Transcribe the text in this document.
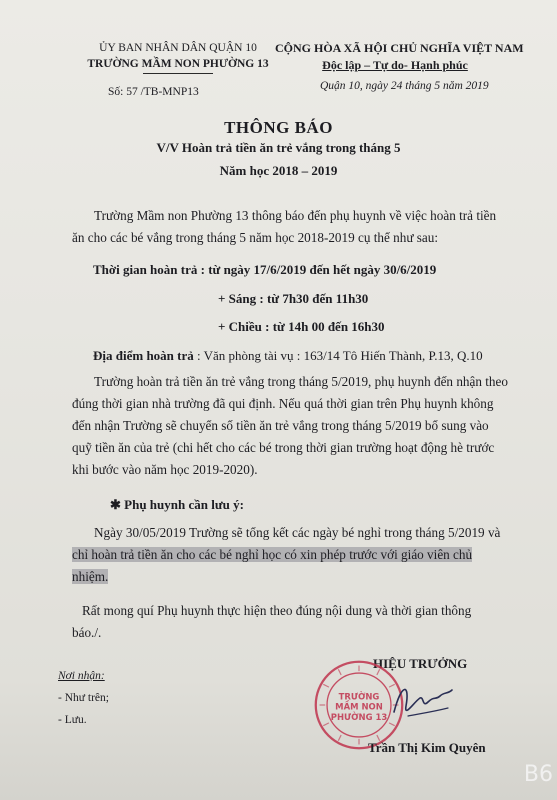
ỦY BAN NHÂN DÂN QUẬN 10
TRƯỜNG MẦM NON PHƯỜNG 13
Số: 57 /TB-MNP13
CỘNG HÒA XÃ HỘI CHỦ NGHĨA VIỆT NAM
Độc lập – Tự do- Hạnh phúc
Quận 10, ngày 24 tháng 5 năm 2019
THÔNG BÁO
V/V Hoàn trả tiền ăn trẻ vắng trong tháng 5
Năm học 2018 – 2019
Trường Mầm non Phường 13 thông báo đến phụ huynh về việc hoàn trả tiền
ăn cho các bé vắng trong tháng 5 năm học 2018-2019 cụ thể như sau:
Thời gian hoàn trả : từ ngày 17/6/2019 đến hết ngày 30/6/2019
+ Sáng : từ 7h30 đến 11h30
+ Chiều : từ 14h 00 đến 16h30
Địa điểm hoàn trả : Văn phòng tài vụ : 163/14 Tô Hiến Thành, P.13, Q.10
Trường hoàn trả tiền ăn trẻ vắng trong tháng 5/2019, phụ huynh đến nhận theo
đúng thời gian nhà trường đã qui định. Nếu quá thời gian trên Phụ huynh không
đến nhận Trường sẽ chuyển số tiền ăn trẻ vắng trong tháng 5/2019 bổ sung vào
quỹ tiền ăn của trẻ (chi hết cho các bé trong thời gian trường hoạt động hè trước
khi bước vào năm học 2019-2020).
✱ Phụ huynh cần lưu ý:
Ngày 30/05/2019 Trường sẽ tổng kết các ngày bé nghỉ trong tháng 5/2019 và
chỉ hoàn trả tiền ăn cho các bé nghỉ học có xin phép trước với giáo viên chủ
nhiệm.
Rất mong quí Phụ huynh thực hiện theo đúng nội dung và thời gian thông
báo./.
Nơi nhận:
- Như trên;
- Lưu.
HIỆU TRƯỞNG
TRƯỜNG
MẦM NON
PHƯỜNG 13
Trần Thị Kim Quyên
B6
